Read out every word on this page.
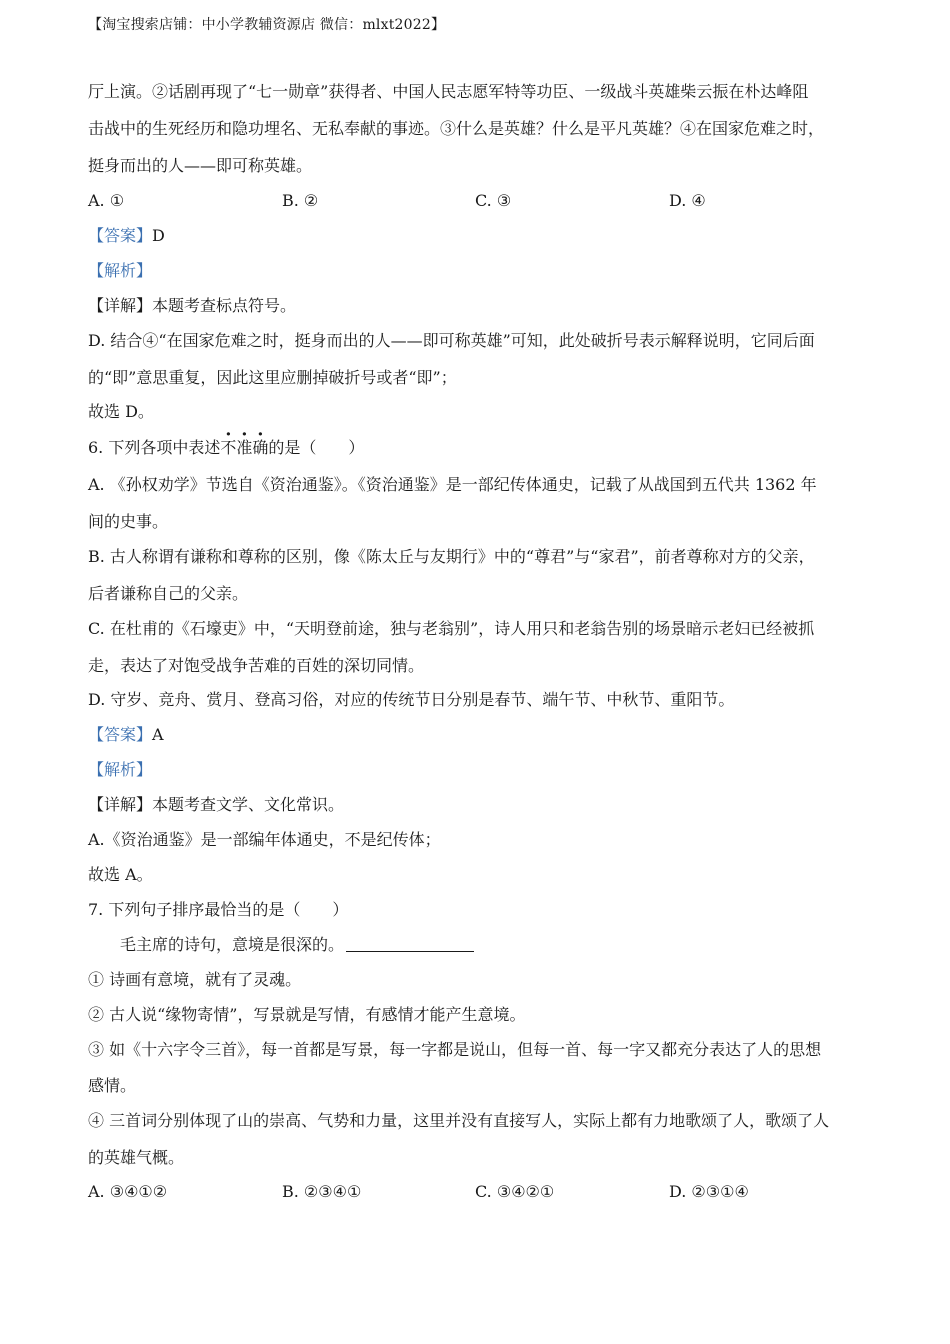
【淘宝搜索店铺：中小学教辅资源店 微信：mlxt2022】
厅上演。②话剧再现了“七一勋章”获得者、中国人民志愿军特等功臣、一级战斗英雄柴云振在朴达峰阻
击战中的生死经历和隐功埋名、无私奉献的事迹。③什么是英雄？什么是平凡英雄？④在国家危难之时，
挺身而出的人——即可称英雄。
A. ①	B. ②	C. ③	D. ④
【答案】D
【解析】
【详解】本题考查标点符号。
D. 结合④“在国家危难之时，挺身而出的人——即可称英雄”可知，此处破折号表示解释说明，它同后面
的“即”意思重复，因此这里应删掉破折号或者“即”；
故选 D。
6. 下列各项中表述不准确的是（　　）
A. 《孙权劝学》节选自《资治通鉴》。《资治通鉴》是一部纪传体通史，记载了从战国到五代共 1362 年
间的史事。
B. 古人称谓有谦称和尊称的区别，像《陈太丘与友期行》中的“尊君”与“家君”，前者尊称对方的父亲，
后者谦称自己的父亲。
C. 在杜甫的《石壕吏》中，“天明登前途，独与老翁别”，诗人用只和老翁告别的场景暗示老妇已经被抓
走，表达了对饱受战争苦难的百姓的深切同情。
D. 守岁、竞舟、赏月、登高习俗，对应的传统节日分别是春节、端午节、中秋节、重阳节。
【答案】A
【解析】
【详解】本题考查文学、文化常识。
A.《资治通鉴》是一部编年体通史，不是纪传体；
故选 A。
7. 下列句子排序最恰当的是（　　）
毛主席的诗句，意境是很深的。
① 诗画有意境，就有了灵魂。
② 古人说“缘物寄情”，写景就是写情，有感情才能产生意境。
③ 如《十六字令三首》，每一首都是写景，每一字都是说山，但每一首、每一字又都充分表达了人的思想
感情。
④ 三首词分别体现了山的崇高、气势和力量，这里并没有直接写人，实际上都有力地歌颂了人，歌颂了人
的英雄气概。
A. ③④①②	B. ②③④①	C. ③④②①	D. ②③①④
